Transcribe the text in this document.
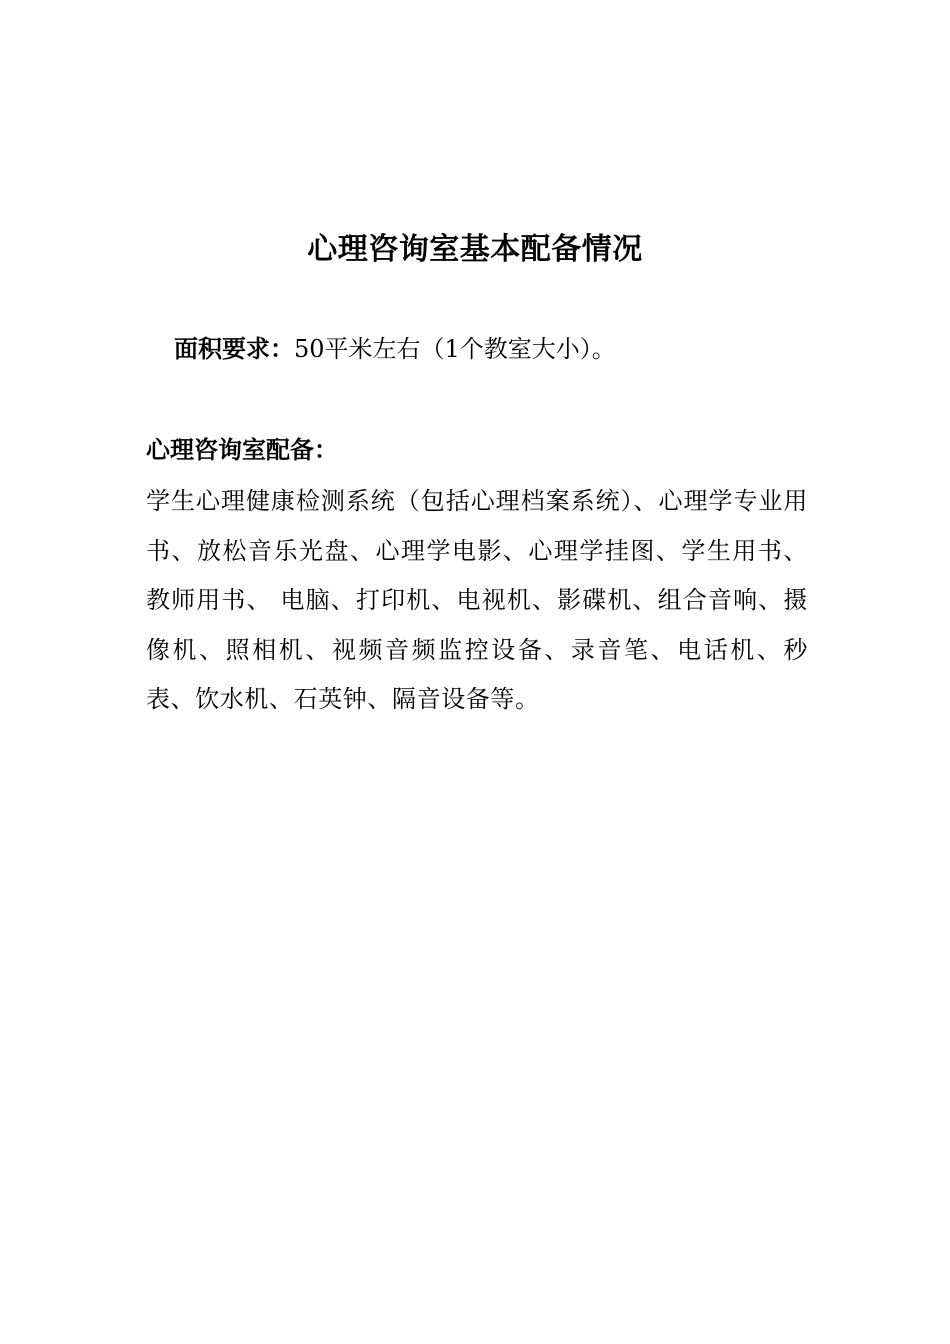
心理咨询室基本配备情况
面积要求：50平米左右（1个教室大小）。
心理咨询室配备：
学生心理健康检测系统（包括心理档案系统）、心理学专业用书、放松音乐光盘、心理学电影、心理学挂图、学生用书、教师用书、 电脑、打印机、电视机、影碟机、组合音响、摄像机、照相机、视频音频监控设备、录音笔、电话机、秒表、饮水机、石英钟、隔音设备等。
